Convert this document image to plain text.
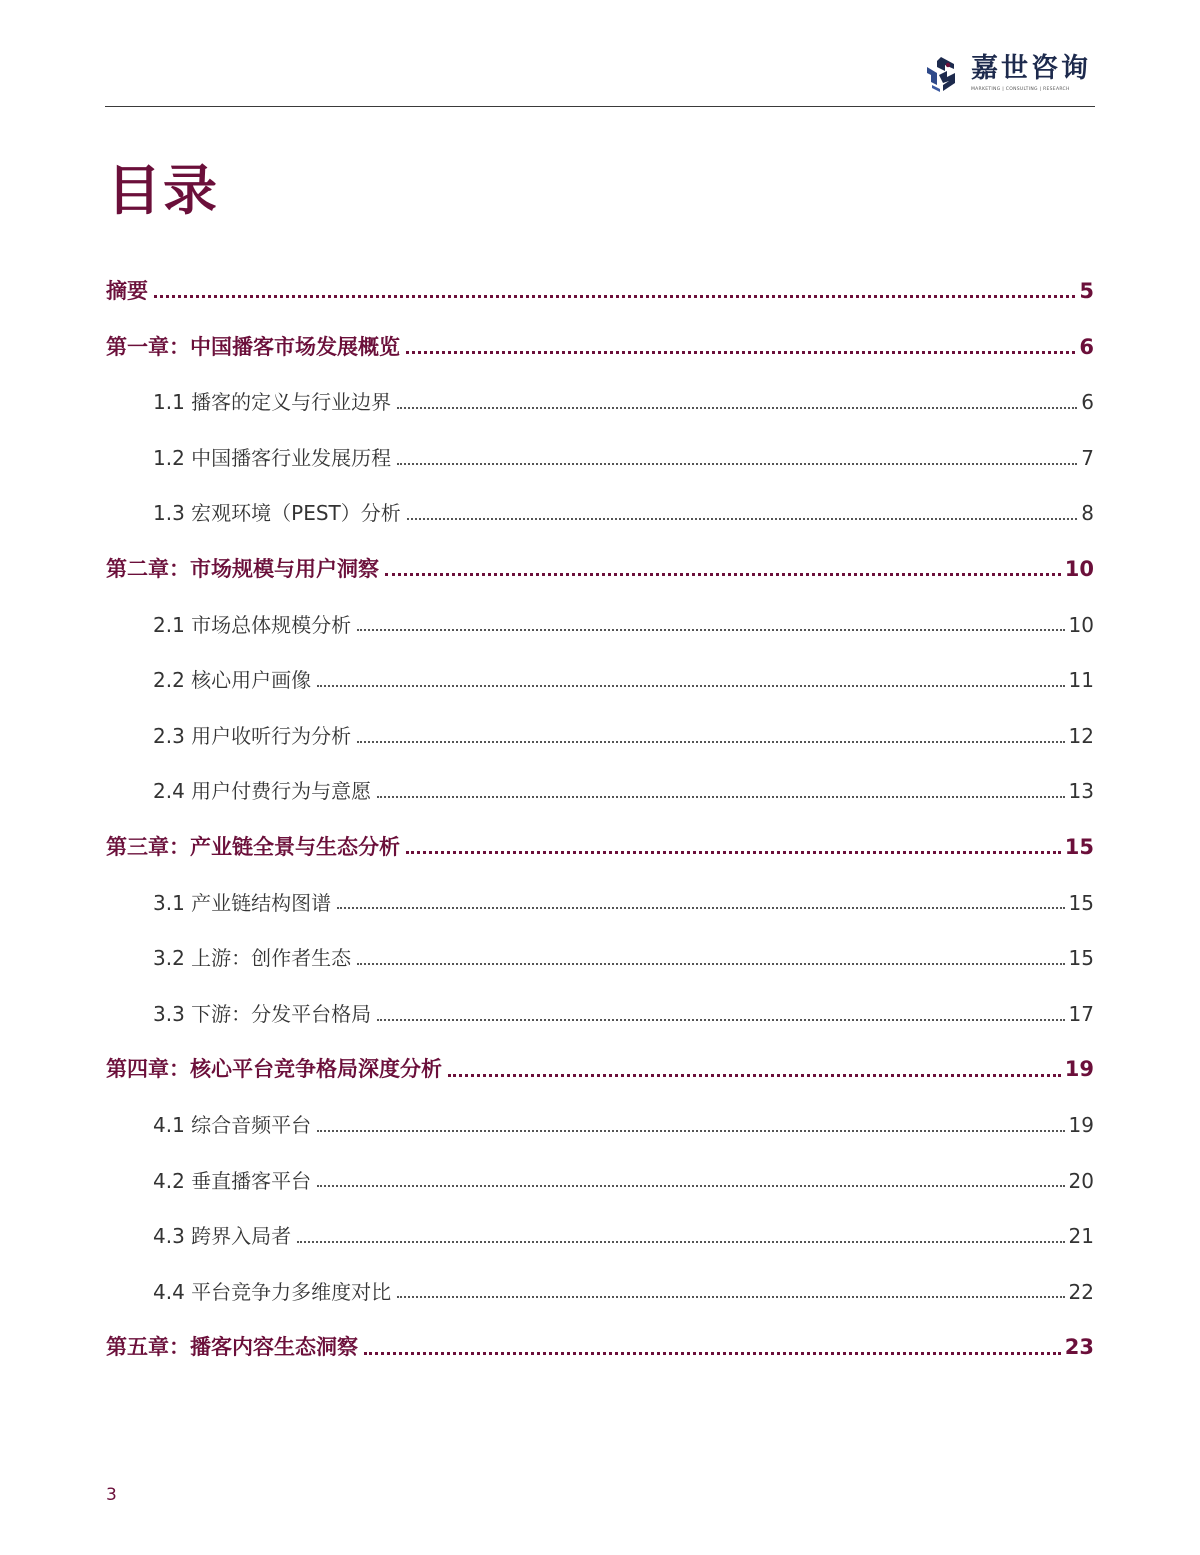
嘉世咨询
MARKETING | CONSULTING | RESEARCH
目录
摘要	5
第一章：中国播客市场发展概览	6
1.1 播客的定义与行业边界	6
1.2 中国播客行业发展历程	7
1.3 宏观环境（PEST）分析	8
第二章：市场规模与用户洞察	10
2.1 市场总体规模分析	10
2.2 核心用户画像	11
2.3 用户收听行为分析	12
2.4 用户付费行为与意愿	13
第三章：产业链全景与生态分析	15
3.1 产业链结构图谱	15
3.2 上游：创作者生态	15
3.3 下游：分发平台格局	17
第四章：核心平台竞争格局深度分析	19
4.1 综合音频平台	19
4.2 垂直播客平台	20
4.3 跨界入局者	21
4.4 平台竞争力多维度对比	22
第五章：播客内容生态洞察	23
3
